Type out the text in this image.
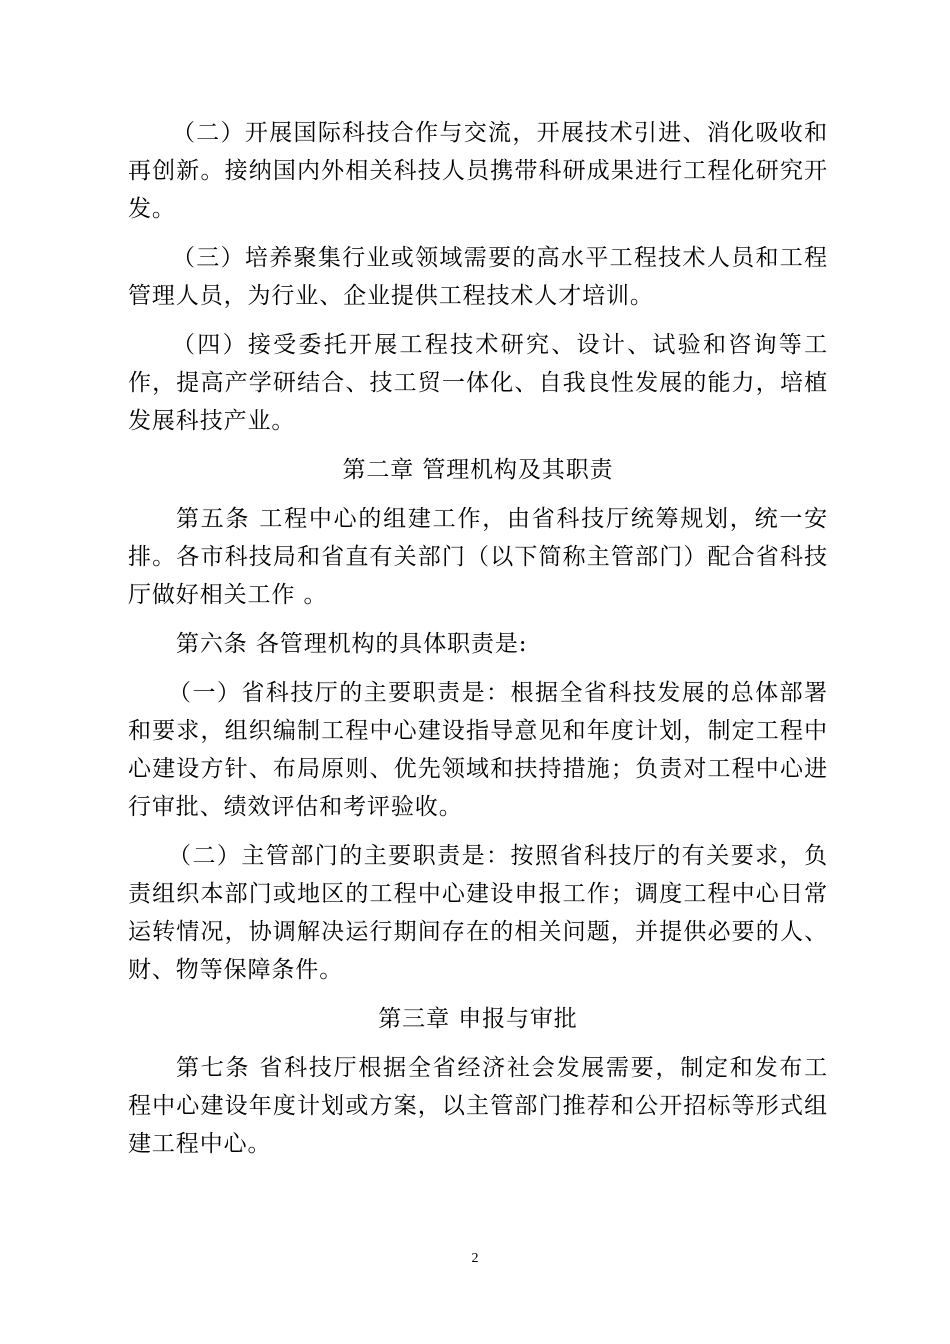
（二）开展国际科技合作与交流，开展技术引进、消化吸收和再创新。接纳国内外相关科技人员携带科研成果进行工程化研究开发。

（三）培养聚集行业或领域需要的高水平工程技术人员和工程管理人员，为行业、企业提供工程技术人才培训。

（四）接受委托开展工程技术研究、设计、试验和咨询等工作，提高产学研结合、技工贸一体化、自我良性发展的能力，培植发展科技产业。

第二章 管理机构及其职责

第五条 工程中心的组建工作，由省科技厅统筹规划，统一安排。各市科技局和省直有关部门（以下简称主管部门）配合省科技厅做好相关工作 。

第六条 各管理机构的具体职责是:

（一）省科技厅的主要职责是：根据全省科技发展的总体部署和要求，组织编制工程中心建设指导意见和年度计划，制定工程中心建设方针、布局原则、优先领域和扶持措施；负责对工程中心进行审批、绩效评估和考评验收。

（二）主管部门的主要职责是：按照省科技厅的有关要求，负责组织本部门或地区的工程中心建设申报工作；调度工程中心日常运转情况，协调解决运行期间存在的相关问题，并提供必要的人、财、物等保障条件。

第三章 申报与审批

第七条 省科技厅根据全省经济社会发展需要，制定和发布工程中心建设年度计划或方案，以主管部门推荐和公开招标等形式组建工程中心。

2
